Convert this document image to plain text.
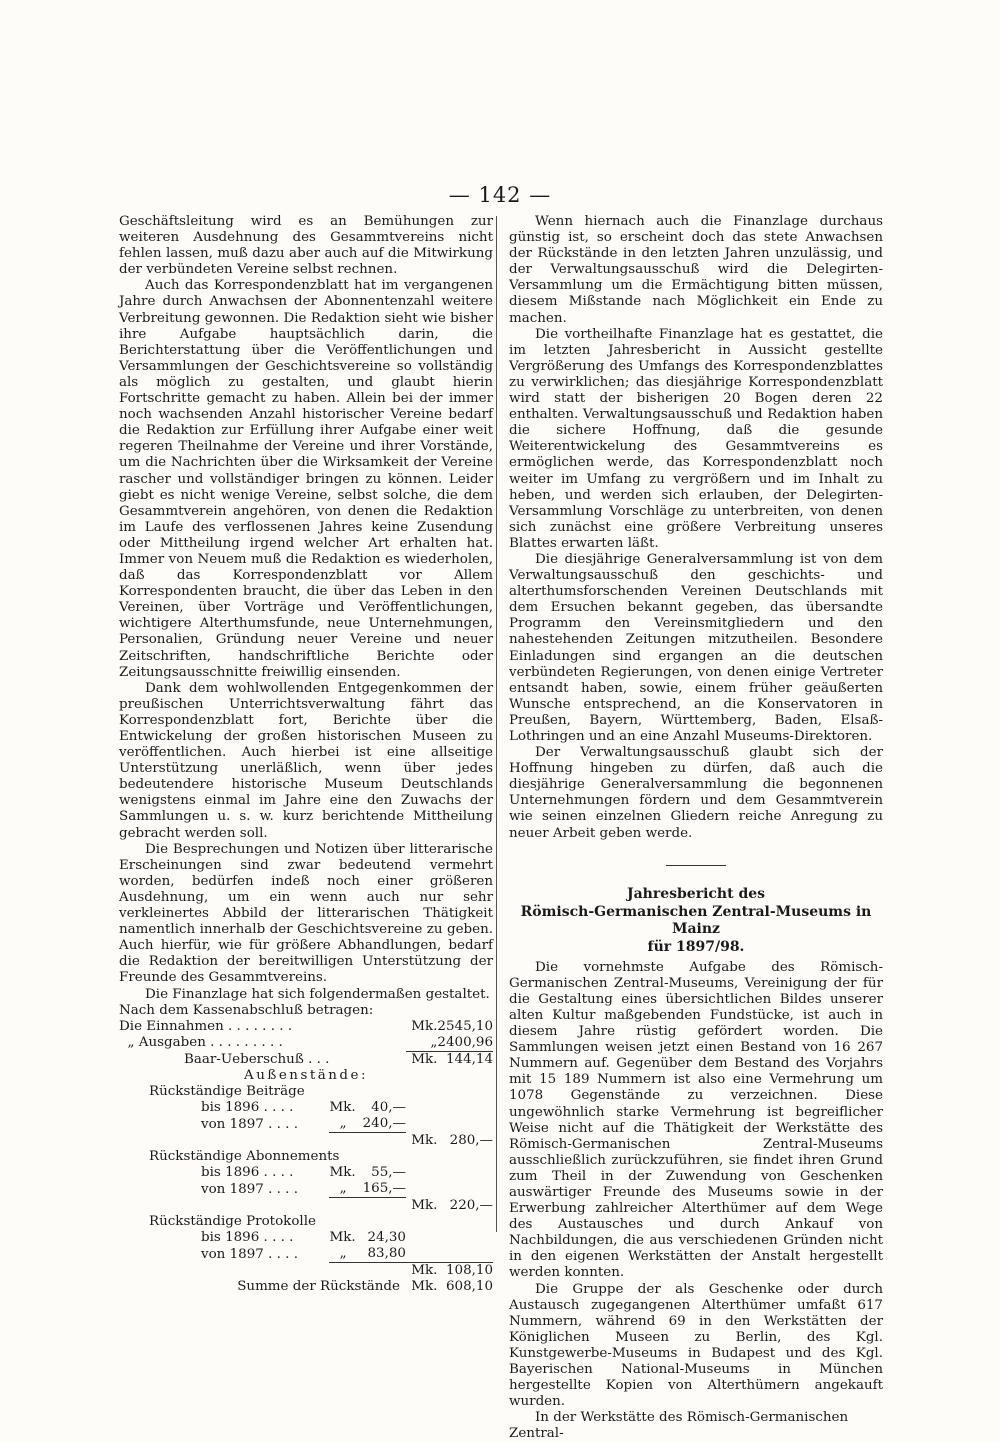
— 142 —

Geschäftsleitung wird es an Bemühungen zur weiteren Ausdehnung des Gesammtvereins nicht fehlen lassen, muß dazu aber auch auf die Mitwirkung der verbündeten Vereine selbst rechnen.

Auch das Korrespondenzblatt hat im vergangenen Jahre durch Anwachsen der Abonnentenzahl weitere Verbreitung gewonnen. Die Redaktion sieht wie bisher ihre Aufgabe hauptsächlich darin, die Berichterstattung über die Veröffentlichungen und Versammlungen der Geschichtsvereine so vollständig als möglich zu gestalten, und glaubt hierin Fortschritte gemacht zu haben. Allein bei der immer noch wachsenden Anzahl historischer Vereine bedarf die Redaktion zur Erfüllung ihrer Aufgabe einer weit regeren Theilnahme der Vereine und ihrer Vorstände, um die Nachrichten über die Wirksamkeit der Vereine rascher und vollständiger bringen zu können. Leider giebt es nicht wenige Vereine, selbst solche, die dem Gesammtverein angehören, von denen die Redaktion im Laufe des verflossenen Jahres keine Zusendung oder Mittheilung irgend welcher Art erhalten hat. Immer von Neuem muß die Redaktion es wiederholen, daß das Korrespondenzblatt vor Allem Korrespondenten braucht, die über das Leben in den Vereinen, über Vorträge und Veröffentlichungen, wichtigere Alterthumsfunde, neue Unternehmungen, Personalien, Gründung neuer Vereine und neuer Zeitschriften, handschriftliche Berichte oder Zeitungsausschnitte freiwillig einsenden.

Dank dem wohlwollenden Entgegenkommen der preußischen Unterrichtsverwaltung fährt das Korrespondenzblatt fort, Berichte über die Entwickelung der großen historischen Museen zu veröffentlichen. Auch hierbei ist eine allseitige Unterstützung unerläßlich, wenn über jedes bedeutendere historische Museum Deutschlands wenigstens einmal im Jahre eine den Zuwachs der Sammlungen u. s. w. kurz berichtende Mittheilung gebracht werden soll.

Die Besprechungen und Notizen über litterarische Erscheinungen sind zwar bedeutend vermehrt worden, bedürfen indeß noch einer größeren Ausdehnung, um ein wenn auch nur sehr verkleinertes Abbild der litterarischen Thätigkeit namentlich innerhalb der Geschichtsvereine zu geben. Auch hierfür, wie für größere Abhandlungen, bedarf die Redaktion der bereitwilligen Unterstützung der Freunde des Gesammtvereins.

Die Finanzlage hat sich folgendermaßen gestaltet.

Nach dem Kassenabschluß betragen:				
Die Einnahmen . . . . . . . .			Mk.	2545,10
„ Ausgaben . . . . . . . . .			„	2400,96
Baar-Ueberschuß . . .			Mk.	144,14
Außenstände:				
Rückständige Beiträge				
bis 1896 . . . .	Mk.	40,—		
von 1897 . . . .	„	240,—		
			Mk.	280,—
Rückständige Abonnements				
bis 1896 . . . .	Mk.	55,—		
von 1897 . . . .	„	165,—		
			Mk.	220,—
Rückständige Protokolle				
bis 1896 . . . .	Mk.	24,30		
von 1897 . . . .	„	83,80		
			Mk.	108,10
Summe der Rückstände			Mk.	608,10

Wenn hiernach auch die Finanzlage durchaus günstig ist, so erscheint doch das stete Anwachsen der Rückstände in den letzten Jahren unzulässig, und der Verwaltungsausschuß wird die Delegirten-Versammlung um die Ermächtigung bitten müssen, diesem Mißstande nach Möglichkeit ein Ende zu machen.

Die vortheilhafte Finanzlage hat es gestattet, die im letzten Jahresbericht in Aussicht gestellte Vergrößerung des Umfangs des Korrespondenzblattes zu verwirklichen; das diesjährige Korrespondenzblatt wird statt der bisherigen 20 Bogen deren 22 enthalten. Verwaltungsausschuß und Redaktion haben die sichere Hoffnung, daß die gesunde Weiterentwickelung des Gesammtvereins es ermöglichen werde, das Korrespondenzblatt noch weiter im Umfang zu vergrößern und im Inhalt zu heben, und werden sich erlauben, der Delegirten-Versammlung Vorschläge zu unterbreiten, von denen sich zunächst eine größere Verbreitung unseres Blattes erwarten läßt.

Die diesjährige Generalversammlung ist von dem Verwaltungsausschuß den geschichts- und alterthumsforschenden Vereinen Deutschlands mit dem Ersuchen bekannt gegeben, das übersandte Programm den Vereinsmitgliedern und den nahestehenden Zeitungen mitzutheilen. Besondere Einladungen sind ergangen an die deutschen verbündeten Regierungen, von denen einige Vertreter entsandt haben, sowie, einem früher geäußerten Wunsche entsprechend, an die Konservatoren in Preußen, Bayern, Württemberg, Baden, Elsaß-Lothringen und an eine Anzahl Museums-Direktoren.

Der Verwaltungsausschuß glaubt sich der Hoffnung hingeben zu dürfen, daß auch die diesjährige Generalversammlung die begonnenen Unternehmungen fördern und dem Gesammtverein wie seinen einzelnen Gliedern reiche Anregung zu neuer Arbeit geben werde.

Jahresbericht des
Römisch-Germanischen Zentral-Museums in Mainz
für 1897/98.

Die vornehmste Aufgabe des Römisch-Germanischen Zentral-Museums, Vereinigung der für die Gestaltung eines übersichtlichen Bildes unserer alten Kultur maßgebenden Fundstücke, ist auch in diesem Jahre rüstig gefördert worden. Die Sammlungen weisen jetzt einen Bestand von 16 267 Nummern auf. Gegenüber dem Bestand des Vorjahrs mit 15 189 Nummern ist also eine Vermehrung um 1078 Gegenstände zu verzeichnen. Diese ungewöhnlich starke Vermehrung ist begreiflicher Weise nicht auf die Thätigkeit der Werkstätte des Römisch-Germanischen Zentral-Museums ausschließlich zurückzuführen, sie findet ihren Grund zum Theil in der Zuwendung von Geschenken auswärtiger Freunde des Museums sowie in der Erwerbung zahlreicher Alterthümer auf dem Wege des Austausches und durch Ankauf von Nachbildungen, die aus verschiedenen Gründen nicht in den eigenen Werkstätten der Anstalt hergestellt werden konnten.

Die Gruppe der als Geschenke oder durch Austausch zugegangenen Alterthümer umfaßt 617 Nummern, während 69 in den Werkstätten der Königlichen Museen zu Berlin, des Kgl. Kunstgewerbe-Museums in Budapest und des Kgl. Bayerischen National-Museums in München hergestellte Kopien von Alterthümern angekauft wurden.

In der Werkstätte des Römisch-Germanischen Zentral-
